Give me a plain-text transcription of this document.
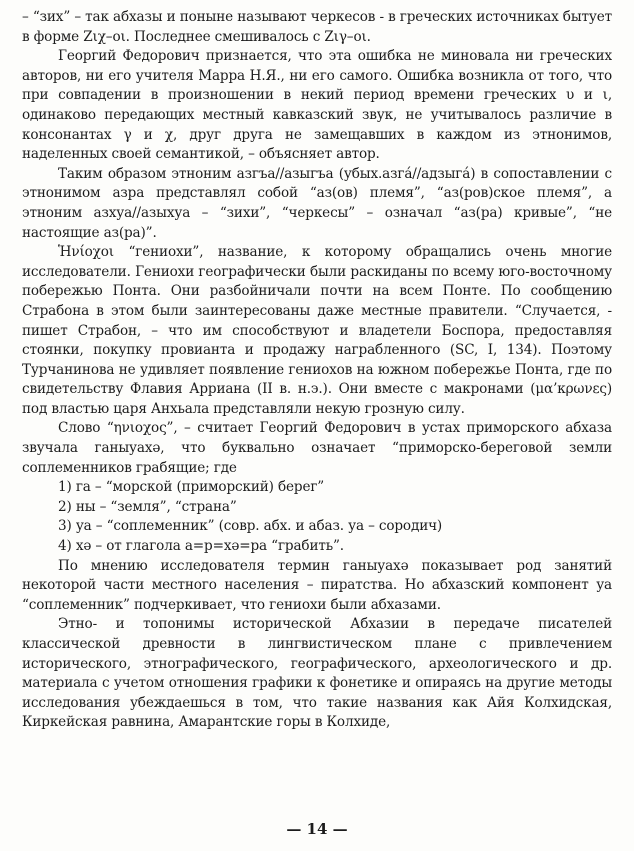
– “зих” – так абхазы и поныне называют черкесов - в греческих источниках бытует в форме Ζιχ–οι. Последнее смешивалось с Ζιγ–οι.

Георгий Федорович признается, что эта ошибка не миновала ни греческих авторов, ни его учителя Марра Н.Я., ни его самого. Ошибка возникла от того, что при совпадении в произношении в некий период времени греческих υ и ι, одинаково передающих местный кавказский звук, не учитывалось различие в консонантах γ и χ, друг друга не замещавших в каждом из этнонимов, наделенных своей семантикой, – объясняет автор.

Таким образом этноним азгъа//азыгъа (убых.азгá//адзыгá) в сопоставлении с этнонимом азра представлял собой “аз(ов) племя”, “аз(ров)ское племя”, а этноним азхуа//азыхуа – “зихи”, “черкесы” – означал “аз(ра) кривые”, “не настоящие аз(ра)”.

Ἡνίοχοι “гениохи”, название, к которому обращались очень многие исследователи. Гениохи географически были раскиданы по всему юго-восточному побережью Понта. Они разбойничали почти на всем Понте. По сообщению Страбона в этом были заинтересованы даже местные правители. “Случается, - пишет Страбон, – что им способствуют и владетели Боспора, предоставляя стоянки, покупку провианта и продажу награбленного (SC, I, 134). Поэтому Турчанинова не удивляет появление гениохов на южном побережье Понта, где по свидетельству Флавия Арриана (II в. н.э.). Они вместе с макронами (μα’κρωνες) под властью царя Анхьала представляли некую грозную силу.

Слово “ηνιοχος”, – считает Георгий Федорович в устах приморского абхаза звучала ганыуахә, что буквально означает “приморско-береговой земли соплеменников грабящие; где

1) га – “морской (приморский) берег”
2) ны – “земля”, “страна”
3) уа – “соплеменник” (совр. абх. и абаз. уа – сородич)
4) хә – от глагола а=р=хә=ра “грабить”.

По мнению исследователя термин ганыуахә показывает род занятий некоторой части местного населения – пиратства. Но абхазский компонент уа “соплеменник” подчеркивает, что гениохи были абхазами.

Этно- и топонимы исторической Абхазии в передаче писателей классической древности в лингвистическом плане с привлечением исторического, этнографического, географического, археологического и др. материала с учетом отношения графики к фонетике и опираясь на другие методы исследования убеждаешься в том, что такие названия как Айя Колхидская, Киркейская равнина, Амарантские горы в Колхиде,

— 14 —
